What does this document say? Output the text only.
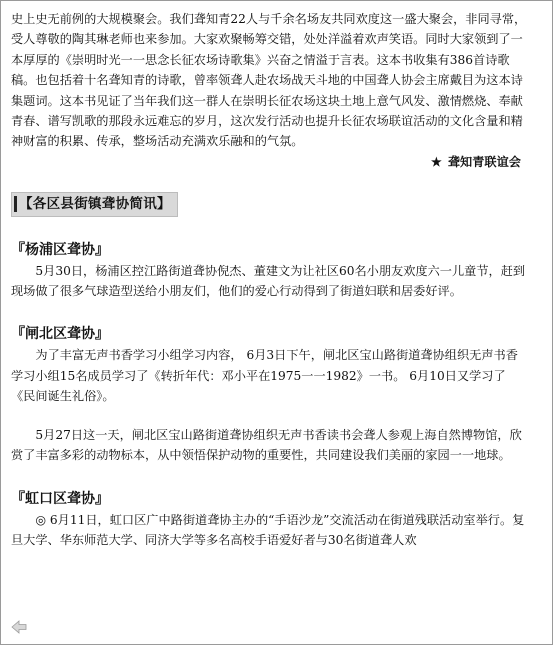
史上史无前例的大规模聚会。我们聋知青22人与千余名场友共同欢度这一盛大聚会，非同寻常，受人尊敬的陶其琳老师也来参加。大家欢聚畅筹交错，处处洋溢着欢声笑语。同时大家领到了一本厚厚的《崇明时光一一思念长征农场诗歌集》兴奋之情溢于言表。这本书收集有386首诗歌稿。也包括着十名聋知青的诗歌，曾率领聋人赴农场战天斗地的中国聋人协会主席戴目为这本诗集题词。这本书见证了当年我们这一群人在崇明长征农场这块土地上意气风发、激情燃烧、奉献青春、谱写凯歌的那段永远难忘的岁月，这次发行活动也提升长征农场联谊活动的文化含量和精神财富的积累、传承，整场活动充满欢乐融和的气氛。

★ 聋知青联谊会

【各区县街镇聋协简讯】
『杨浦区聋协』

5月30日，杨浦区控江路街道聋协倪杰、董建文为让社区60名小朋友欢度六一儿童节，赶到现场做了很多气球造型送给小朋友们，他们的爱心行动得到了街道妇联和居委好评。

『闸北区聋协』

为了丰富无声书香学习小组学习内容， 6月3日下午，闸北区宝山路街道聋协组织无声书香学习小组15名成员学习了《转折年代：邓小平在1975一一1982》一书。 6月10日又学习了《民间诞生礼俗》。

5月27日这一天，闸北区宝山路街道聋协组织无声书香读书会聋人参观上海自然博物馆，欣赏了丰富多彩的动物标本，从中领悟保护动物的重要性，共同建设我们美丽的家园一一地球。

『虹口区聋协』

◎ 6月11日，虹口区广中路街道聋协主办的“手语沙龙”交流活动在街道残联活动室举行。复旦大学、华东师范大学、同济大学等多名高校手语爱好者与30名街道聋人欢
